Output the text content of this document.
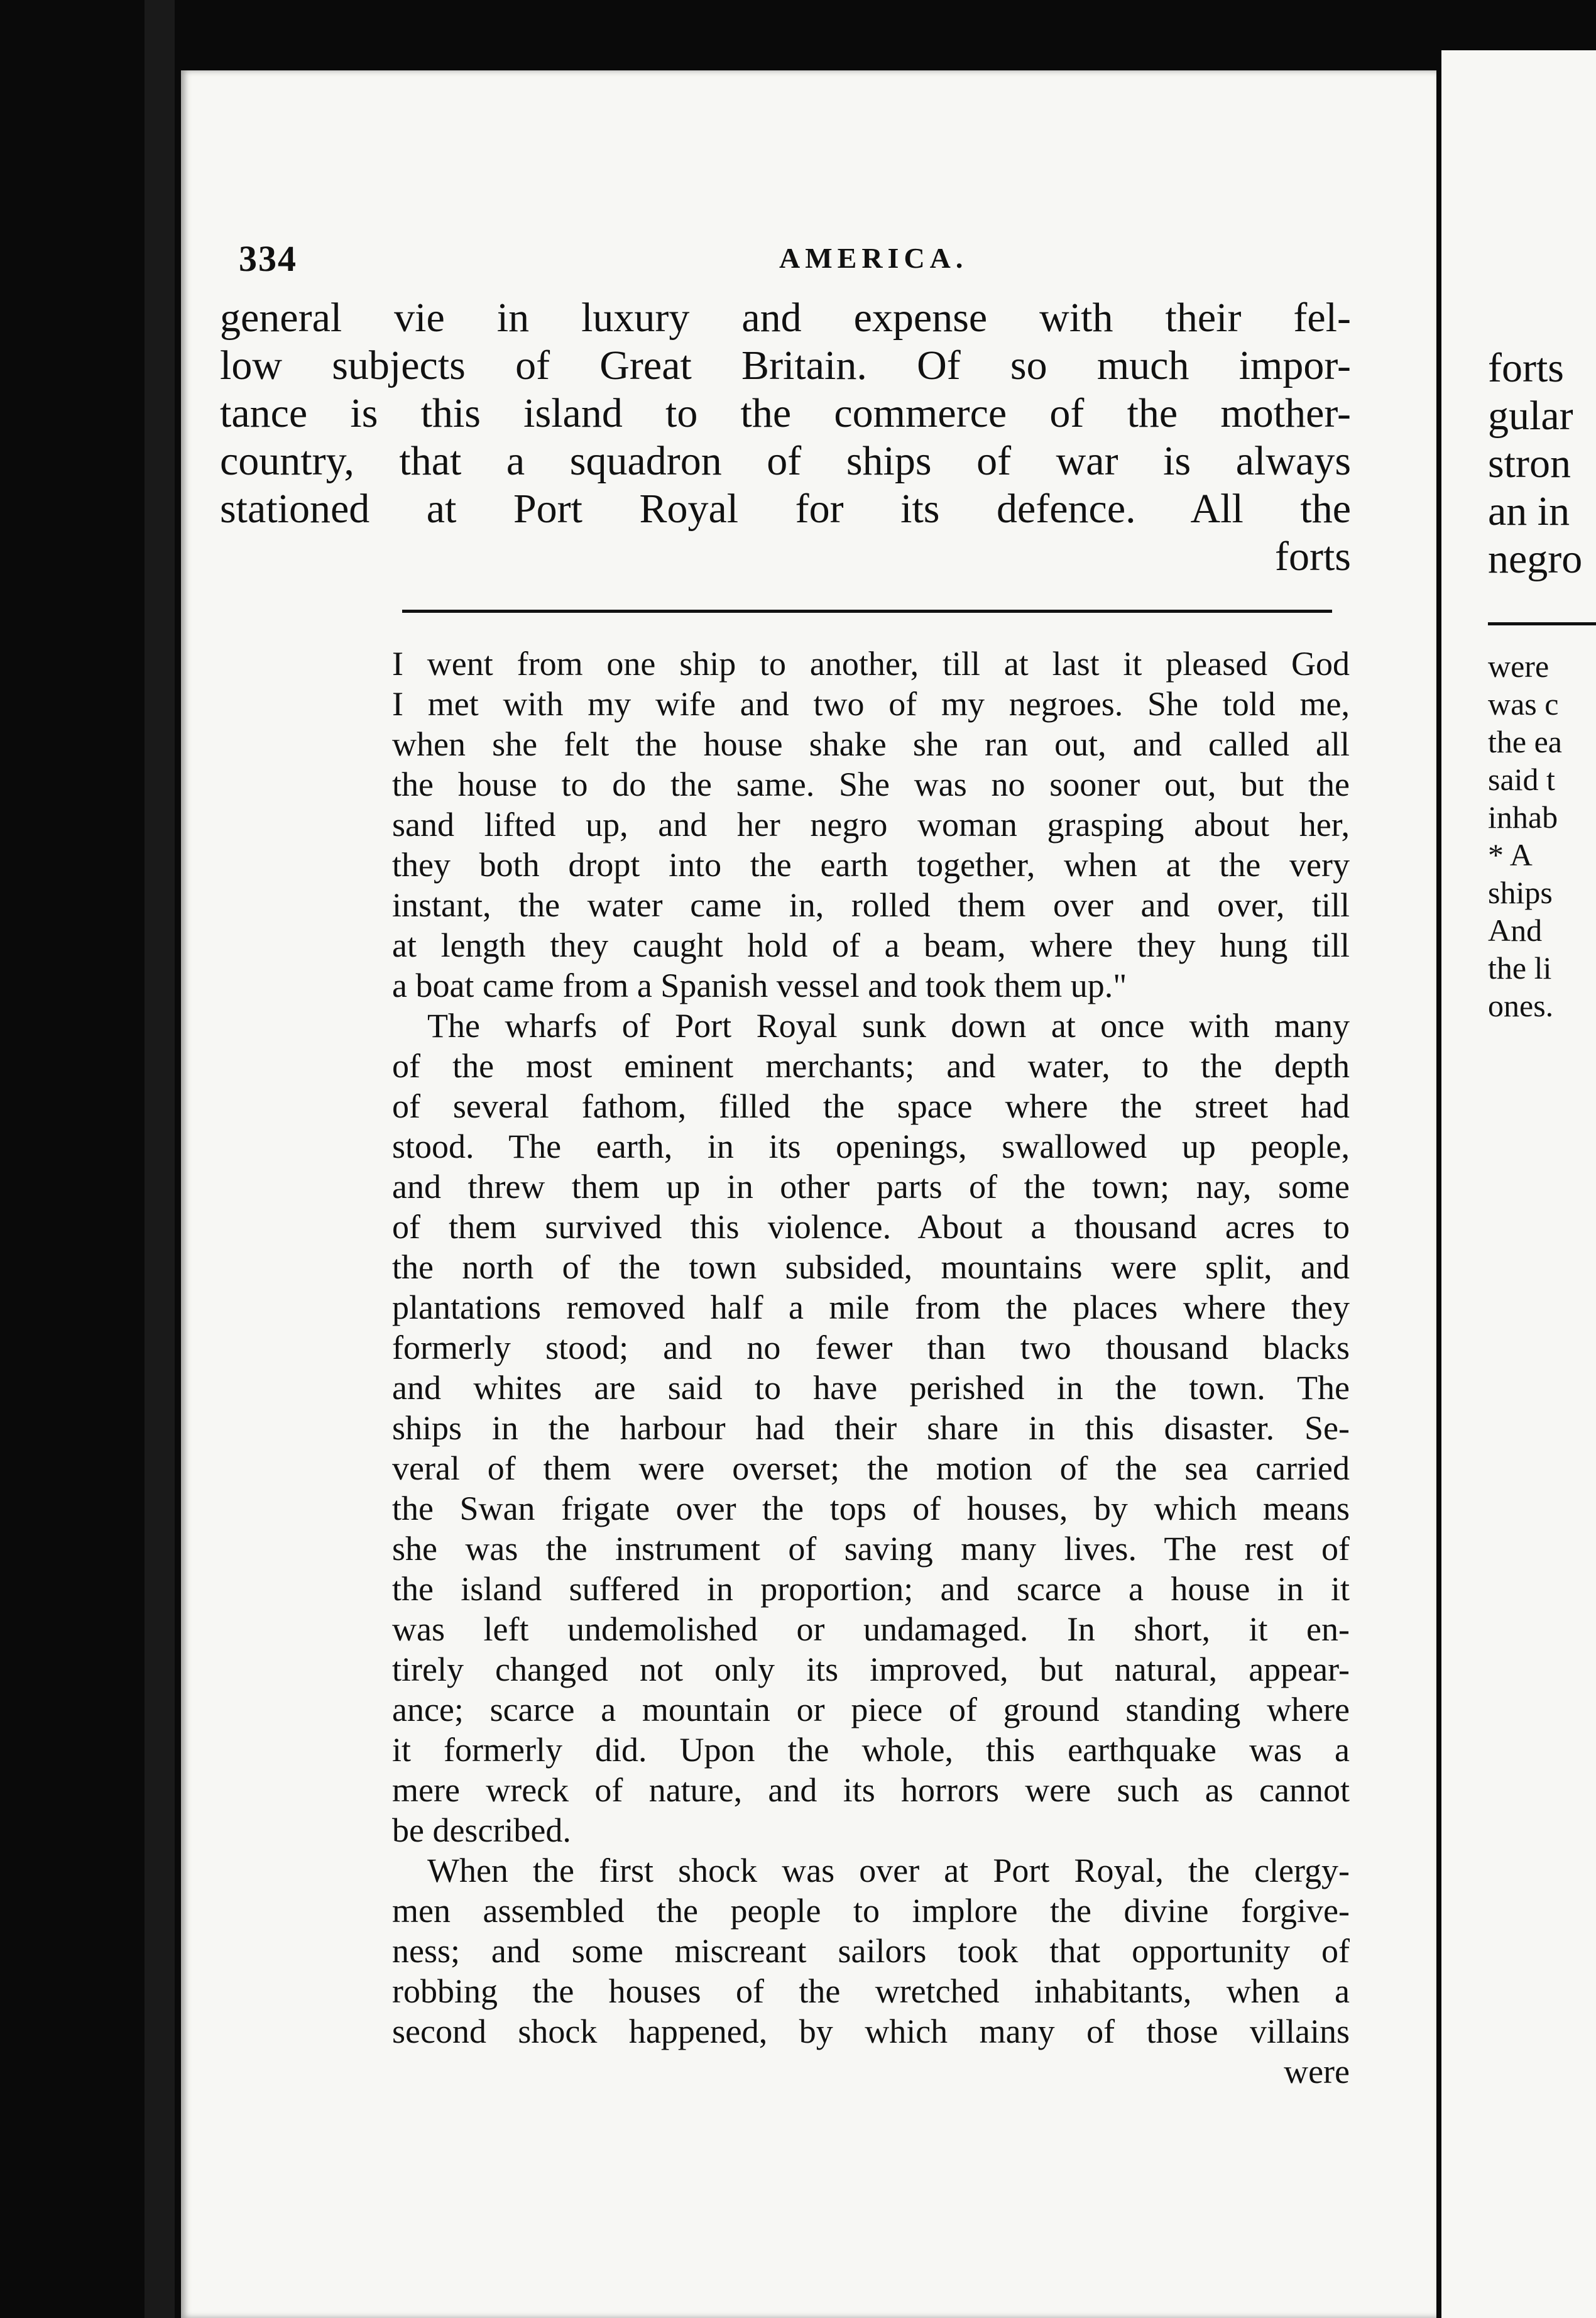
334	AMERICA.
general vie in luxury and expense with their fel-
low subjects of Great Britain. Of so much impor-
tance is this island to the commerce of the mother-
country, that a squadron of ships of war is always
stationed at Port Royal for its defence. All the
forts
I went from one ship to another, till at last it pleased God
I met with my wife and two of my negroes. She told me,
when she felt the house shake she ran out, and called all
the house to do the same. She was no sooner out, but the
sand lifted up, and her negro woman grasping about her,
they both dropt into the earth together, when at the very
instant, the water came in, rolled them over and over, till
at length they caught hold of a beam, where they hung till
a boat came from a Spanish vessel and took them up."
The wharfs of Port Royal sunk down at once with many
of the most eminent merchants; and water, to the depth
of several fathom, filled the space where the street had
stood. The earth, in its openings, swallowed up people,
and threw them up in other parts of the town; nay, some
of them survived this violence. About a thousand acres to
the north of the town subsided, mountains were split, and
plantations removed half a mile from the places where they
formerly stood; and no fewer than two thousand blacks
and whites are said to have perished in the town. The
ships in the harbour had their share in this disaster. Se-
veral of them were overset; the motion of the sea carried
the Swan frigate over the tops of houses, by which means
she was the instrument of saving many lives. The rest of
the island suffered in proportion; and scarce a house in it
was left undemolished or undamaged. In short, it en-
tirely changed not only its improved, but natural, appear-
ance; scarce a mountain or piece of ground standing where
it formerly did. Upon the whole, this earthquake was a
mere wreck of nature, and its horrors were such as cannot
be described.
When the first shock was over at Port Royal, the clergy-
men assembled the people to implore the divine forgive-
ness; and some miscreant sailors took that opportunity of
robbing the houses of the wretched inhabitants, when a
second shock happened, by which many of those villains
were
forts
gular
stron
an in
negro
were
was c
the ea
said t
inhab
* A
ships
And
the li
ones.
